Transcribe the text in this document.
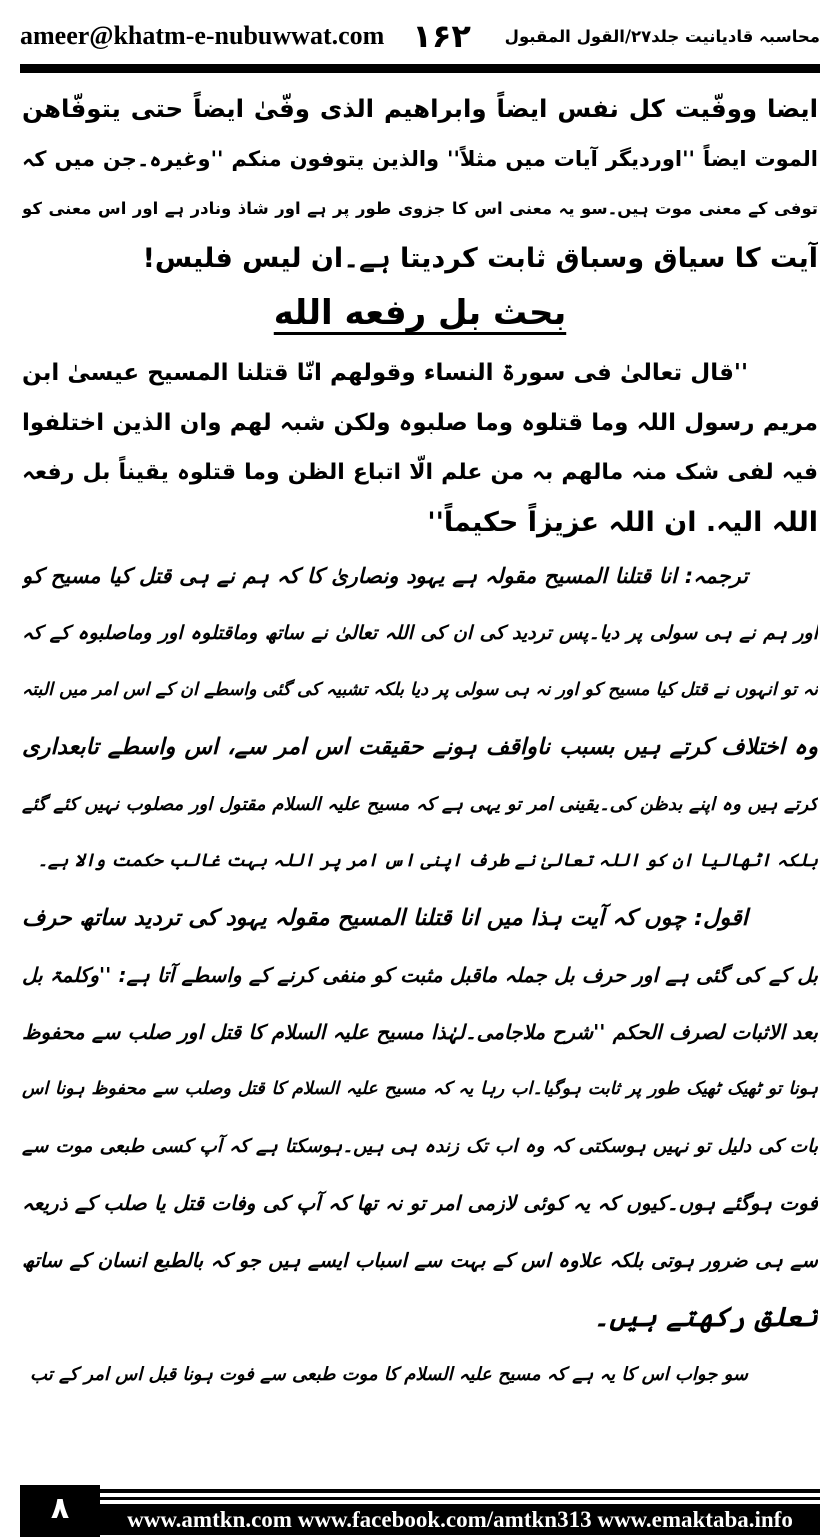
ameer@khatm-e-nubuwwat.com ۱۶۲	محاسبہ قادیانیت جلد۲۷/القول المقبول
ایضا ووفّیت کل نفس ایضاً وابراھیم الذی وفّیٰ ایضاً حتی یتوفّاھن
الموت ایضاً ''اوردیگر آیات میں مثلاً'' والذین یتوفون منکم ''وغیرہ۔جن میں کہ
توفی کے معنی موت ہیں۔سو یہ معنی اس کا جزوی طور پر ہے اور شاذ ونادر ہے اور اس معنی کو
آیت کا سیاق وسباق ثابت کردیتا ہے۔ان لیس فلیس!
بحث بل رفعه الله
''قال تعالیٰ فی سورۃ النساء وقولھم انّا قتلنا المسیح عیسیٰ ابن
مریم رسول اللہ وما قتلوہ وما صلبوہ ولکن شبہ لھم وان الذین اختلفوا
فیہ لفی شک منہ مالھم بہ من علم الّا اتباع الظن وما قتلوہ یقیناً بل رفعہ
اللہ الیہ. ان اللہ عزیزاً حکیماً''
ترجمہ: انا قتلنا المسیح مقولہ ہے یہود ونصاریٰ کا کہ ہم نے ہی قتل کیا مسیح کو
اور ہم نے ہی سولی پر دیا۔پس تردید کی ان کی اللہ تعالیٰ نے ساتھ وماقتلوہ اور وماصلبوہ کے کہ
نہ تو انہوں نے قتل کیا مسیح کو اور نہ ہی سولی پر دیا بلکہ تشبیہ کی گئی واسطے ان کے اس امر میں البتہ
وہ اختلاف کرتے ہیں بسبب ناواقف ہونے حقیقت اس امر سے، اس واسطے تابعداری
کرتے ہیں وہ اپنے بدظن کی۔یقینی امر تو یہی ہے کہ مسیح علیہ السلام مقتول اور مصلوب نہیں کئے گئے
بلکہ اٹھالیا ان کو اللہ تعالیٰ نے طرف اپنی اس امر پر اللہ بہت غالب حکمت والا ہے۔
اقول: چوں کہ آیت ہذا میں انا قتلنا المسیح مقولہ یہود کی تردید ساتھ حرف
بل کے کی گئی ہے اور حرف بل جملہ ماقبل مثبت کو منفی کرنے کے واسطے آتا ہے: ''وکلمۃ بل
بعد الاثبات لصرف الحکم ''شرح ملاجامی۔لہٰذا مسیح علیہ السلام کا قتل اور صلب سے محفوظ
ہونا تو ٹھیک ٹھیک طور پر ثابت ہوگیا۔اب رہا یہ کہ مسیح علیہ السلام کا قتل وصلب سے محفوظ ہونا اس
بات کی دلیل تو نہیں ہوسکتی کہ وہ اب تک زندہ ہی ہیں۔ہوسکتا ہے کہ آپ کسی طبعی موت سے
فوت ہوگئے ہوں۔کیوں کہ یہ کوئی لازمی امر تو نہ تھا کہ آپ کی وفات قتل یا صلب کے ذریعہ
سے ہی ضرور ہوتی بلکہ علاوہ اس کے بہت سے اسباب ایسے ہیں جو کہ بالطبع انسان کے ساتھ
تعلق رکھتے ہیں۔
سو جواب اس کا یہ ہے کہ مسیح علیہ السلام کا موت طبعی سے فوت ہونا قبل اس امر کے تب
۸	www.amtkn.com www.facebook.com/amtkn313 www.emaktaba.info
